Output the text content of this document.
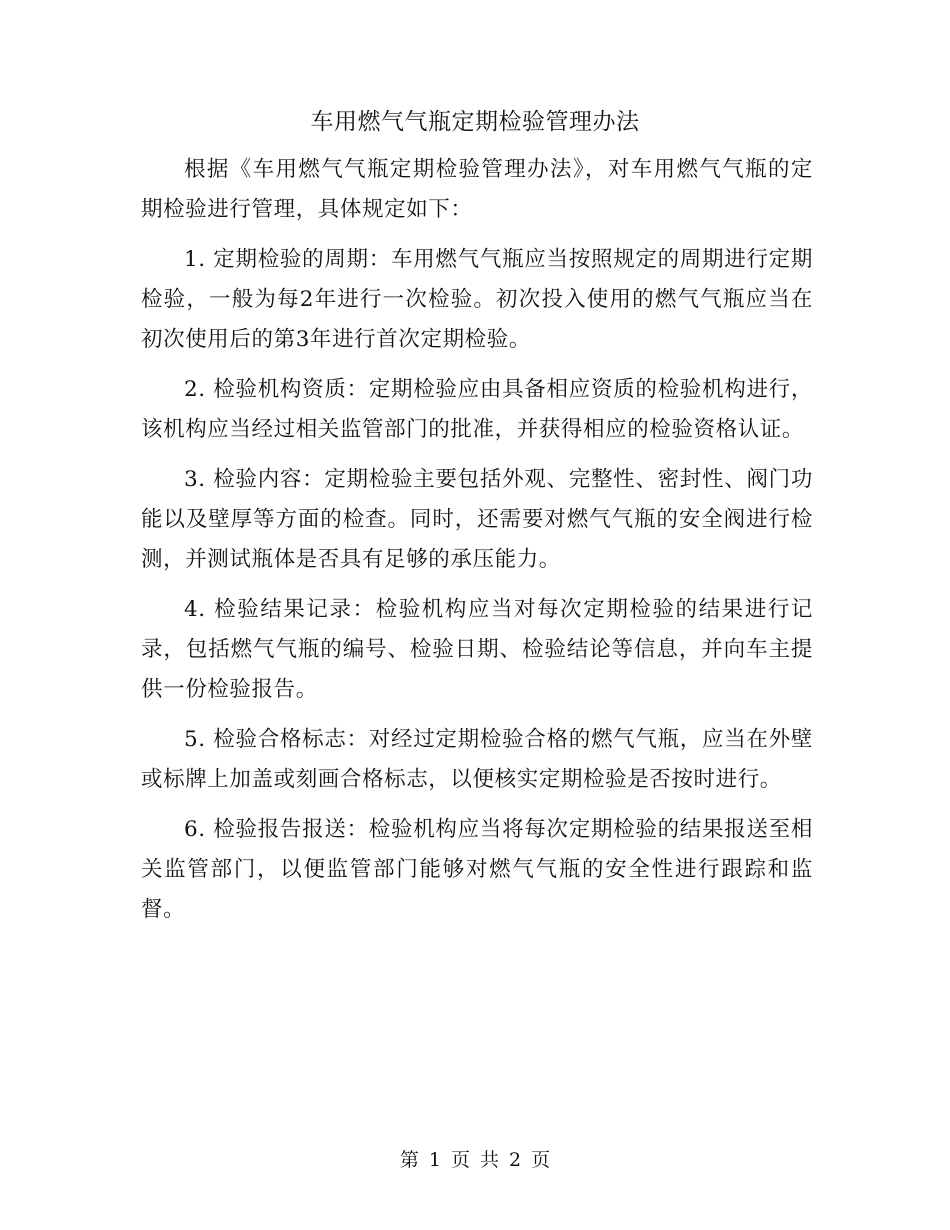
车用燃气气瓶定期检验管理办法

根据《车用燃气气瓶定期检验管理办法》，对车用燃气气瓶的定期检验进行管理，具体规定如下：

1. 定期检验的周期：车用燃气气瓶应当按照规定的周期进行定期检验，一般为每2年进行一次检验。初次投入使用的燃气气瓶应当在初次使用后的第3年进行首次定期检验。

2. 检验机构资质：定期检验应由具备相应资质的检验机构进行，该机构应当经过相关监管部门的批准，并获得相应的检验资格认证。

3. 检验内容：定期检验主要包括外观、完整性、密封性、阀门功能以及壁厚等方面的检查。同时，还需要对燃气气瓶的安全阀进行检测，并测试瓶体是否具有足够的承压能力。

4. 检验结果记录：检验机构应当对每次定期检验的结果进行记录，包括燃气气瓶的编号、检验日期、检验结论等信息，并向车主提供一份检验报告。

5. 检验合格标志：对经过定期检验合格的燃气气瓶，应当在外壁或标牌上加盖或刻画合格标志，以便核实定期检验是否按时进行。

6. 检验报告报送：检验机构应当将每次定期检验的结果报送至相关监管部门，以便监管部门能够对燃气气瓶的安全性进行跟踪和监督。

第 1 页 共 2 页
